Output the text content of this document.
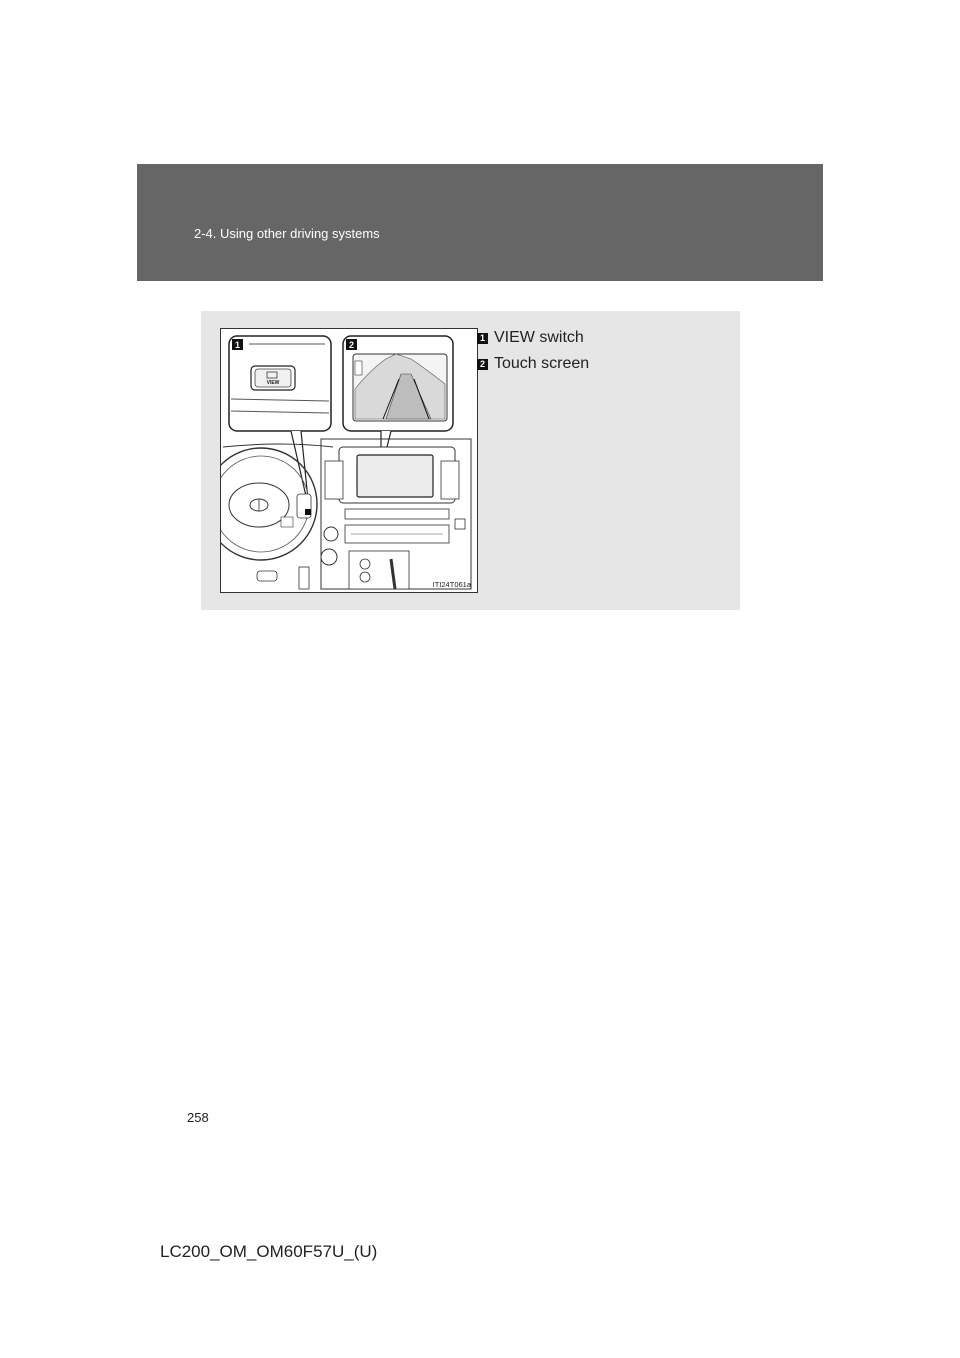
2-4. Using other driving systems
1
VIEW
2
ITI24T061a
1 VIEW switch
2 Touch screen
258
LC200_OM_OM60F57U_(U)
